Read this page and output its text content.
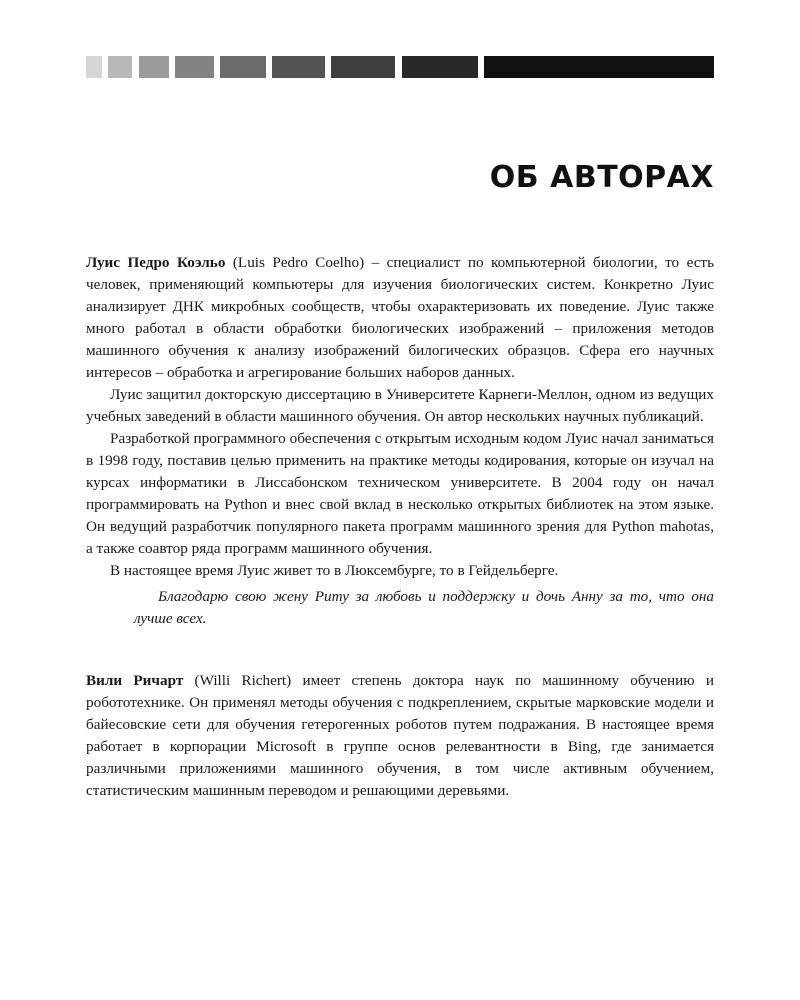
ОБ АВТОРАХ

Луис Педро Коэльо (Luis Pedro Coelho) – специалист по компьютерной биологии, то есть человек, применяющий компьютеры для изучения биологических систем. Конкретно Луис анализирует ДНК микробных сообществ, чтобы охарактеризовать их поведение. Луис также много работал в области обработки биологических изображений – приложения методов машинного обучения к анализу изображений билогических образцов. Сфера его научных интересов – обработка и агрегирование больших наборов данных.

Луис защитил докторскую диссертацию в Университете Карнеги-Меллон, одном из ведущих учебных заведений в области машинного обучения. Он автор нескольких научных публикаций.

Разработкой программного обеспечения с открытым исходным кодом Луис начал заниматься в 1998 году, поставив целью применить на практике методы кодирования, которые он изучал на курсах информатики в Лиссабонском техническом университете. В 2004 году он начал программировать на Python и внес свой вклад в несколько открытых библиотек на этом языке. Он ведущий разработчик популярного пакета программ машинного зрения для Python mahotas, а также соавтор ряда программ машинного обучения.

В настоящее время Луис живет то в Люксембурге, то в Гейдельберге.

Благодарю свою жену Риту за любовь и поддержку и дочь Анну за то, что она лучше всех.

Вили Ричарт (Willi Richert) имеет степень доктора наук по машинному обучению и робототехнике. Он применял методы обучения с подкреплением, скрытые марковские модели и байесовские сети для обучения гетерогенных роботов путем подражания. В настоящее время работает в корпорации Microsoft в группе основ релевантности в Bing, где занимается различными приложениями машинного обучения, в том числе активным обучением, статистическим машинным переводом и решающими деревьями.
